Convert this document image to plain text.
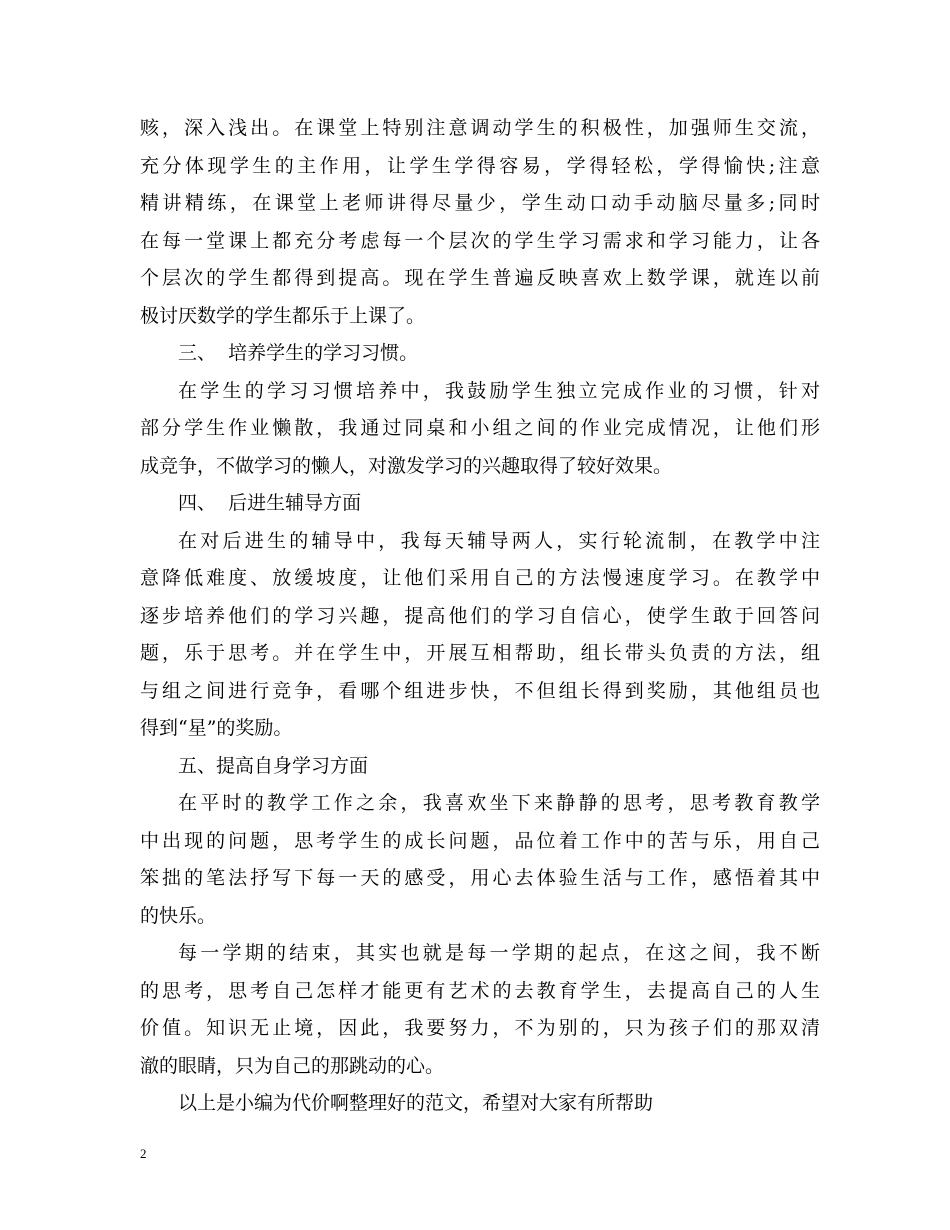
赅，深入浅出。在课堂上特别注意调动学生的积极性，加强师生交流，
充分体现学生的主作用，让学生学得容易，学得轻松，学得愉快;注意
精讲精练，在课堂上老师讲得尽量少，学生动口动手动脑尽量多;同时
在每一堂课上都充分考虑每一个层次的学生学习需求和学习能力，让各
个层次的学生都得到提高。现在学生普遍反映喜欢上数学课，就连以前
极讨厌数学的学生都乐于上课了。
三、  培养学生的学习习惯。
在学生的学习习惯培养中，我鼓励学生独立完成作业的习惯，针对
部分学生作业懒散，我通过同桌和小组之间的作业完成情况，让他们形
成竞争，不做学习的懒人，对激发学习的兴趣取得了较好效果。
四、  后进生辅导方面
在对后进生的辅导中，我每天辅导两人，实行轮流制，在教学中注
意降低难度、放缓坡度，让他们采用自己的方法慢速度学习。在教学中
逐步培养他们的学习兴趣，提高他们的学习自信心，使学生敢于回答问
题，乐于思考。并在学生中，开展互相帮助，组长带头负责的方法，组
与组之间进行竞争，看哪个组进步快，不但组长得到奖励，其他组员也
得到“星”的奖励。
五、提高自身学习方面
在平时的教学工作之余，我喜欢坐下来静静的思考，思考教育教学
中出现的问题，思考学生的成长问题，品位着工作中的苦与乐，用自己
笨拙的笔法抒写下每一天的感受，用心去体验生活与工作，感悟着其中
的快乐。
每一学期的结束，其实也就是每一学期的起点，在这之间，我不断
的思考，思考自己怎样才能更有艺术的去教育学生，去提高自己的人生
价值。知识无止境，因此，我要努力，不为别的，只为孩子们的那双清
澈的眼睛，只为自己的那跳动的心。
以上是小编为代价啊整理好的范文，希望对大家有所帮助
2
